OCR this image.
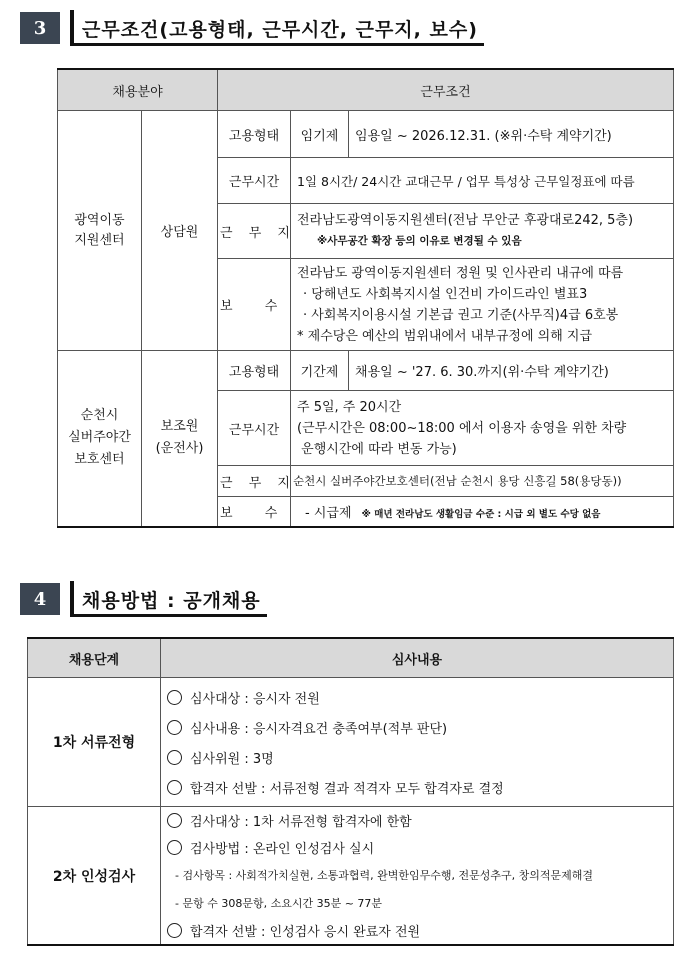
3	근무조건(고용형태, 근무시간, 근무지, 보수)
채용분야		근무조건		
광역이동
지원센터	상담원	고용형태	임기제	임용일 ~ 2026.12.31. (※위·수탁 계약기간)
		근무시간	1일 8시간/ 24시간 교대근무 / 업무 특성상 근무일정표에 따름	
		근 무 지	전라남도광역이동지원센터(전남 무안군 후광대로242, 5층)
※사무공간 확장 등의 이유로 변경될 수 있음	

		보 수	전라남도 광역이동지원센터 정원 및 인사관리 내규에 따름
· 당해년도 사회복지시설 인건비 가이드라인 별표3
· 사회복지이용시설 기본급 권고 기준(사무직)4급 6호봉
* 제수당은 예산의 범위내에서 내부규정에 의해 지급	

순천시
실버주야간
보호센터	보조원
(운전사)	고용형태	기간제	채용일 ~ '27. 6. 30.까지(위·수탁 계약기간)
		근무시간	주 5일, 주 20시간
(근무시간은 08:00~18:00 에서 이용자 송영을 위한 차량
운행시간에 따라 변동 가능)	

		근 무 지	순천시 실버주야간보호센터(전남 순천시 용당 신흥길 58(용당동))	
		보 수	- 시급제 ※ 매년 전라남도 생활임금 수준 : 시급 외 별도 수당 없음	
4	채용방법 : 공개채용
채용단계	심사내용
1차 서류전형	심사대상 : 응시자 전원
심사내용 : 응시자격요건 충족여부(적부 판단)
심사위원 : 3명
합격자 선발 : 서류전형 결과 적격자 모두 합격자로 결정

2차 인성검사	검사대상 : 1차 서류전형 합격자에 한함
검사방법 : 온라인 인성검사 실시
- 검사항목 : 사회적가치실현, 소통과협력, 완벽한임무수행, 전문성추구, 창의적문제해결
- 문항 수 308문항, 소요시간 35분 ~ 77분
합격자 선발 : 인성검사 응시 완료자 전원
